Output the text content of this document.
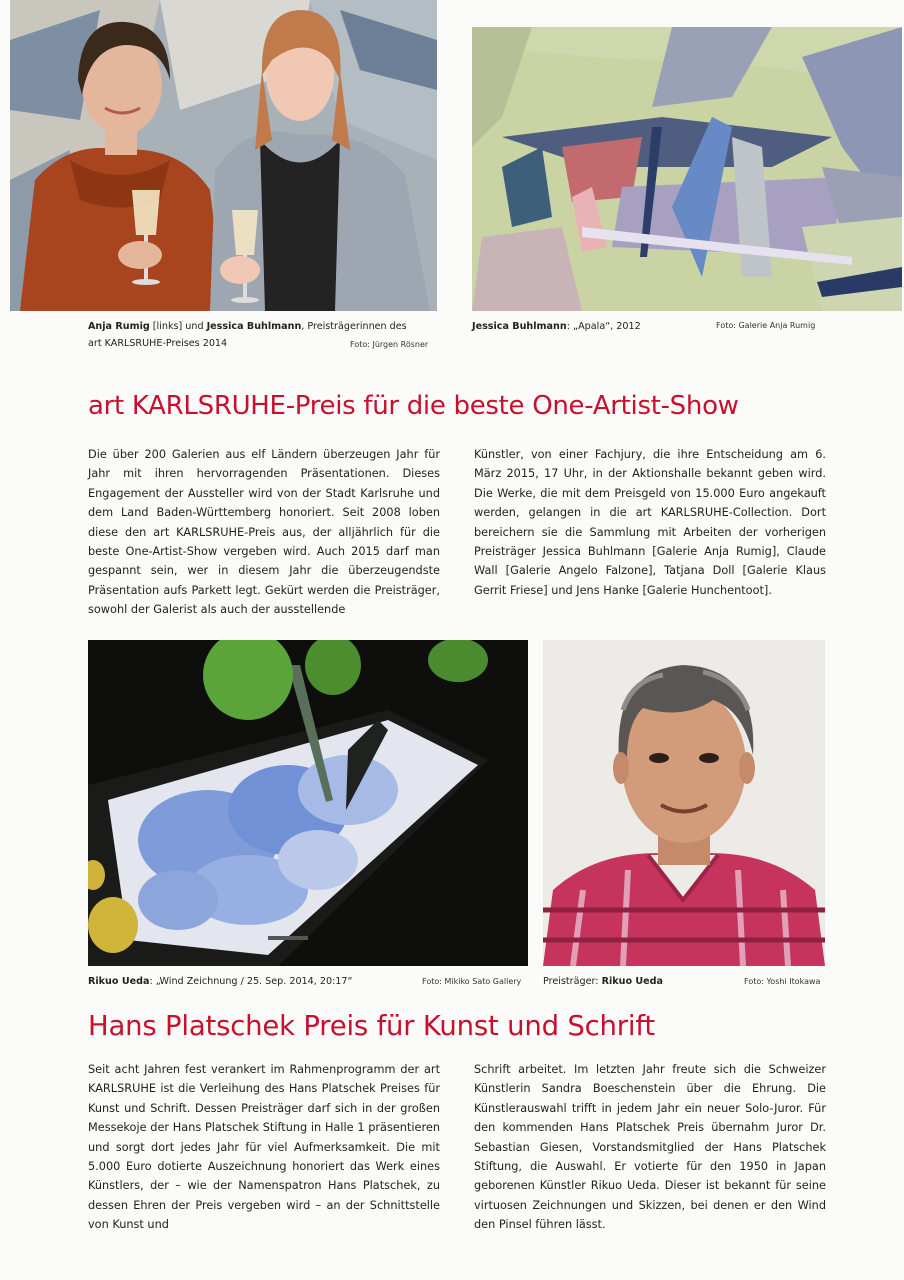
Anja Rumig [links] und Jessica Buhlmann, Preisträgerinnen des
art KARLSRUHE-Preises 2014	Foto: Jürgen Rösner
Jessica Buhlmann: „Apala“, 2012	Foto: Galerie Anja Rumig
art KARLSRUHE-Preis für die beste One-Artist-Show

Die über 200 Galerien aus elf Ländern überzeugen Jahr für Jahr mit ihren hervorragenden Präsentationen. Dieses Engagement der Aussteller wird von der Stadt Karlsruhe und dem Land Baden-Württemberg honoriert. Seit 2008 loben diese den art KARLSRUHE-Preis aus, der alljährlich für die beste One-Artist-Show vergeben wird. Auch 2015 darf man gespannt sein, wer in diesem Jahr die überzeugendste Präsentation aufs Parkett legt. Gekürt werden die Preisträger, sowohl der Galerist als auch der ausstellende

Künstler, von einer Fachjury, die ihre Entscheidung am 6. März 2015, 17 Uhr, in der Aktionshalle bekannt geben wird. Die Werke, die mit dem Preisgeld von 15.000 Euro angekauft werden, gelangen in die art KARLSRUHE-Collection. Dort bereichern sie die Sammlung mit Arbeiten der vorherigen Preisträger Jessica Buhlmann [Galerie Anja Rumig], Claude Wall [Galerie Angelo Falzone], Tatjana Doll [Galerie Klaus Gerrit Friese] und Jens Hanke [Galerie Hunchentoot].

Rikuo Ueda: „Wind Zeichnung / 25. Sep. 2014, 20:17“	Foto: Mikiko Sato Gallery Preisträger: Rikuo Ueda	Foto: Yoshi Itokawa
Hans Platschek Preis für Kunst und Schrift

Seit acht Jahren fest verankert im Rahmenprogramm der art KARLSRUHE ist die Verleihung des Hans Platschek Preises für Kunst und Schrift. Dessen Preisträger darf sich in der großen Messekoje der Hans Platschek Stiftung in Halle 1 präsentieren und sorgt dort jedes Jahr für viel Aufmerksamkeit. Die mit 5.000 Euro dotierte Auszeichnung honoriert das Werk eines Künstlers, der – wie der Namenspatron Hans Platschek, zu dessen Ehren der Preis vergeben wird – an der Schnittstelle von Kunst und

Schrift arbeitet. Im letzten Jahr freute sich die Schweizer Künstlerin Sandra Boeschenstein über die Ehrung. Die Künstlerauswahl trifft in jedem Jahr ein neuer Solo-Juror. Für den kommenden Hans Platschek Preis übernahm Juror Dr. Sebastian Giesen, Vorstandsmitglied der Hans Platschek Stiftung, die Auswahl. Er votierte für den 1950 in Japan geborenen Künstler Rikuo Ueda. Dieser ist bekannt für seine virtuosen Zeichnungen und Skizzen, bei denen er den Wind den Pinsel führen lässt.
